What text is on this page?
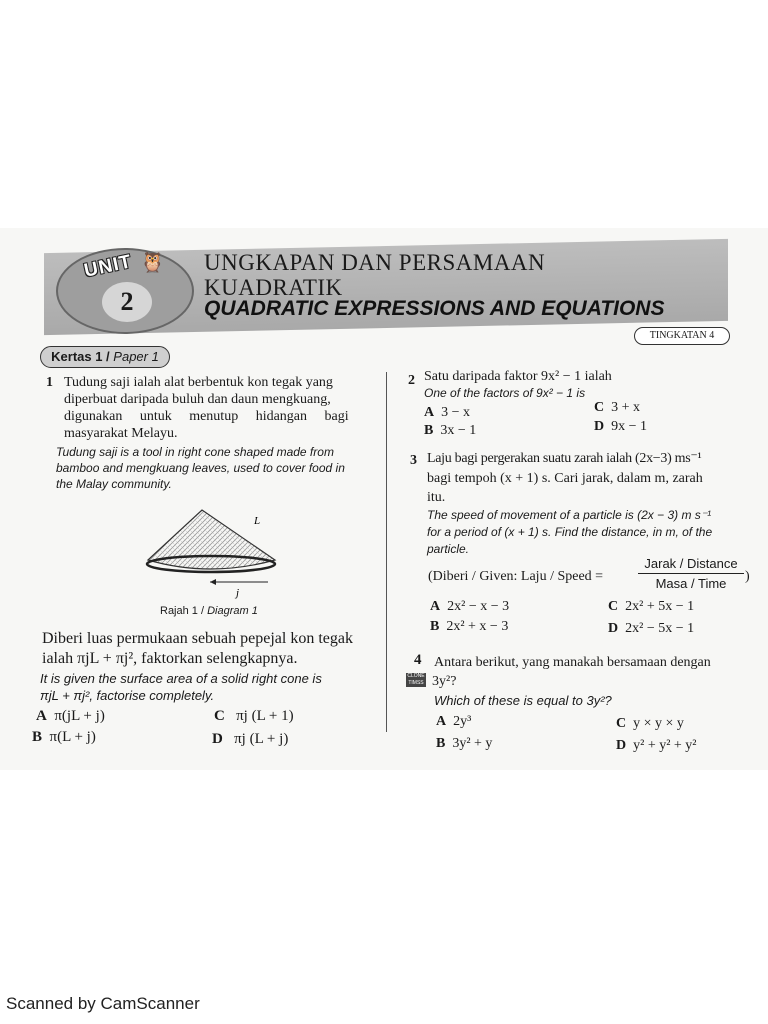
UNIT 🦉
2
UNGKAPAN DAN PERSAMAAN
KUADRATIK
QUADRATIC EXPRESSIONS AND EQUATIONS
TINGKATAN 4
Kertas 1 / Paper 1
1 Tudung saji ialah alat berbentuk kon tegak yang
diperbuat daripada buluh dan daun mengkuang,
digunakan untuk menutup hidangan bagi
masyarakat Melayu.
Tudung saji is a tool in right cone shaped made from
bamboo and mengkuang leaves, used to cover food in
the Malay community.
j
L
Rajah 1 / Diagram 1
Diberi luas permukaan sebuah pepejal kon tegak
ialah πjL + πj², faktorkan selengkapnya.
It is given the surface area of a solid right cone is
πjL + πj², factorise completely.
A π(jL + j)	C πj (L + 1)
B π(L + j)	D πj (L + j)
2 Satu daripada faktor 9x² − 1 ialah
One of the factors of 9x² − 1 is
A 3 − x	C 3 + x
B 3x − 1	D 9x − 1
3 Laju bagi pergerakan suatu zarah ialah (2x−3) ms⁻¹
bagi tempoh (x + 1) s. Cari jarak, dalam m, zarah
itu.
The speed of movement of a particle is (2x − 3) m s⁻¹
for a period of (x + 1) s. Find the distance, in m, of the
particle.
(Diberi / Given: Laju / Speed =
Jarak / Distance
Masa / Time )
A 2x² − x − 3	C 2x² + 5x − 1
B 2x² + x − 3	D 2x² − 5x − 1
4 Antara berikut, yang manakah bersamaan dengan
CLONE TIMSS 3y²?
Which of these is equal to 3y²?
A 2y³	C y × y × y
B 3y² + y	D y² + y² + y²
Scanned by CamScanner
